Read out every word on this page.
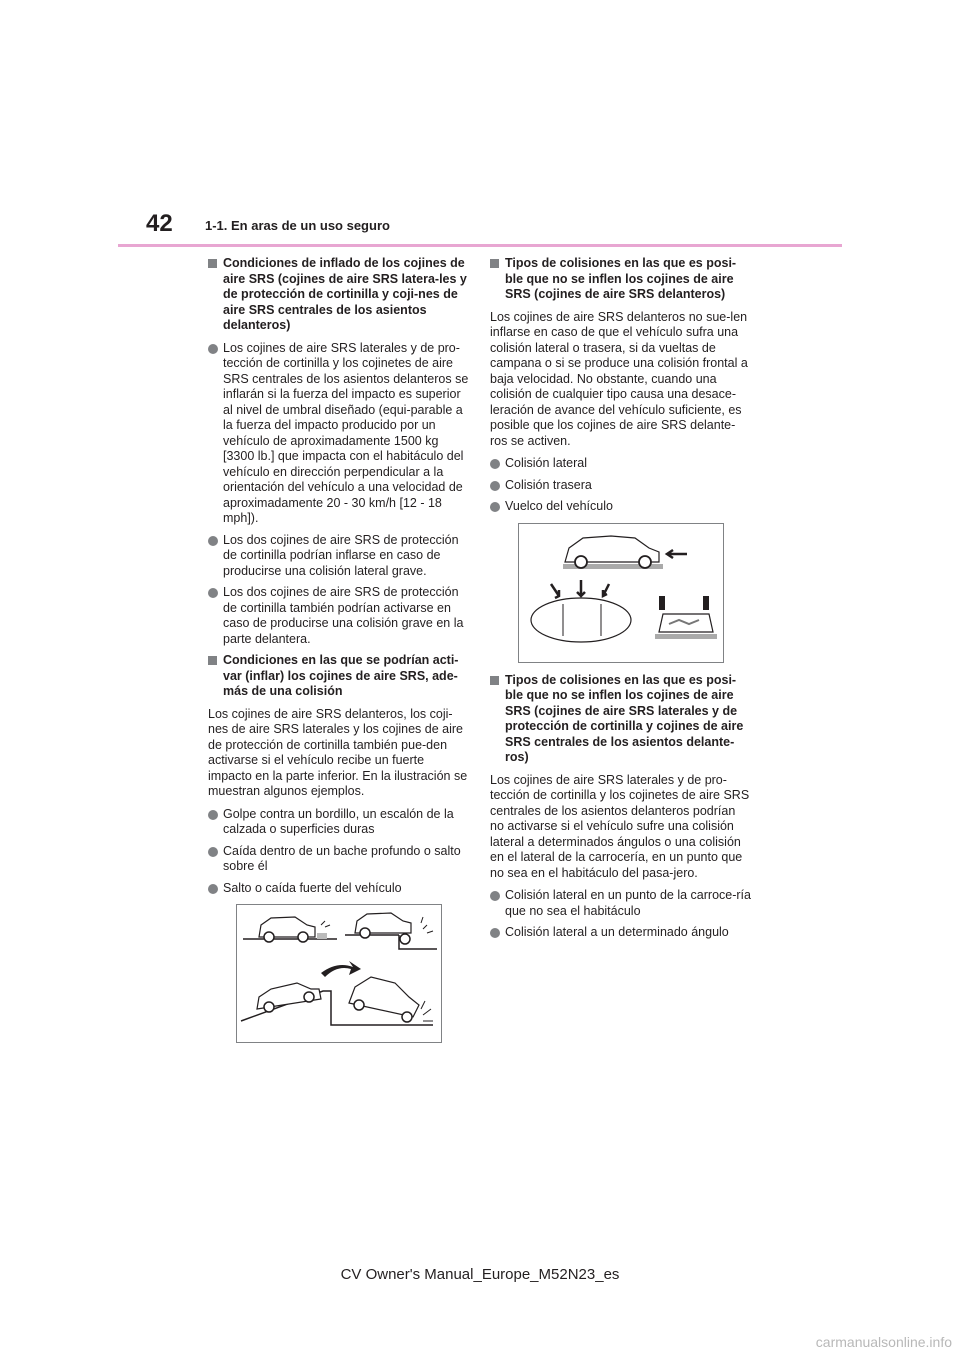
42 1-1. En aras de un uso seguro
Condiciones de inflado de los cojines de aire SRS (cojines de aire SRS latera-les y de protección de cortinilla y coji-nes de aire SRS centrales de los asientos delanteros)
Los cojines de aire SRS laterales y de pro-tección de cortinilla y los cojinetes de aire SRS centrales de los asientos delanteros se inflarán si la fuerza del impacto es superior al nivel de umbral diseñado (equi-parable a la fuerza del impacto producido por un vehículo de aproximadamente 1500 kg [3300 lb.] que impacta con el habitáculo del vehículo en dirección perpendicular a la orientación del vehículo a una velocidad de aproximadamente 20 - 30 km/h [12 - 18 mph]).
Los dos cojines de aire SRS de protección de cortinilla podrían inflarse en caso de producirse una colisión lateral grave.
Los dos cojines de aire SRS de protección de cortinilla también podrían activarse en caso de producirse una colisión grave en la parte delantera.
Condiciones en las que se podrían acti-var (inflar) los cojines de aire SRS, ade-más de una colisión
Los cojines de aire SRS delanteros, los coji-nes de aire SRS laterales y los cojines de aire de protección de cortinilla también pue-den activarse si el vehículo recibe un fuerte impacto en la parte inferior. En la ilustración se muestran algunos ejemplos.
Golpe contra un bordillo, un escalón de la calzada o superficies duras
Caída dentro de un bache profundo o salto sobre él
Salto o caída fuerte del vehículo
Tipos de colisiones en las que es posi-ble que no se inflen los cojines de aire SRS (cojines de aire SRS delanteros)
Los cojines de aire SRS delanteros no sue-len inflarse en caso de que el vehículo sufra una colisión lateral o trasera, si da vueltas de campana o si se produce una colisión frontal a baja velocidad. No obstante, cuando una colisión de cualquier tipo causa una desace-leración de avance del vehículo suficiente, es posible que los cojines de aire SRS delante-ros se activen.
Colisión lateral
Colisión trasera
Vuelco del vehículo
Tipos de colisiones en las que es posi-ble que no se inflen los cojines de aire SRS (cojines de aire SRS laterales y de protección de cortinilla y cojines de aire SRS centrales de los asientos delante-ros)
Los cojines de aire SRS laterales y de pro-tección de cortinilla y los cojinetes de aire SRS centrales de los asientos delanteros podrían no activarse si el vehículo sufre una colisión lateral a determinados ángulos o una colisión en el lateral de la carrocería, en un punto que no sea en el habitáculo del pasa-jero.
Colisión lateral en un punto de la carroce-ría que no sea el habitáculo
Colisión lateral a un determinado ángulo
CV Owner's Manual_Europe_M52N23_es
carmanualsonline.info
